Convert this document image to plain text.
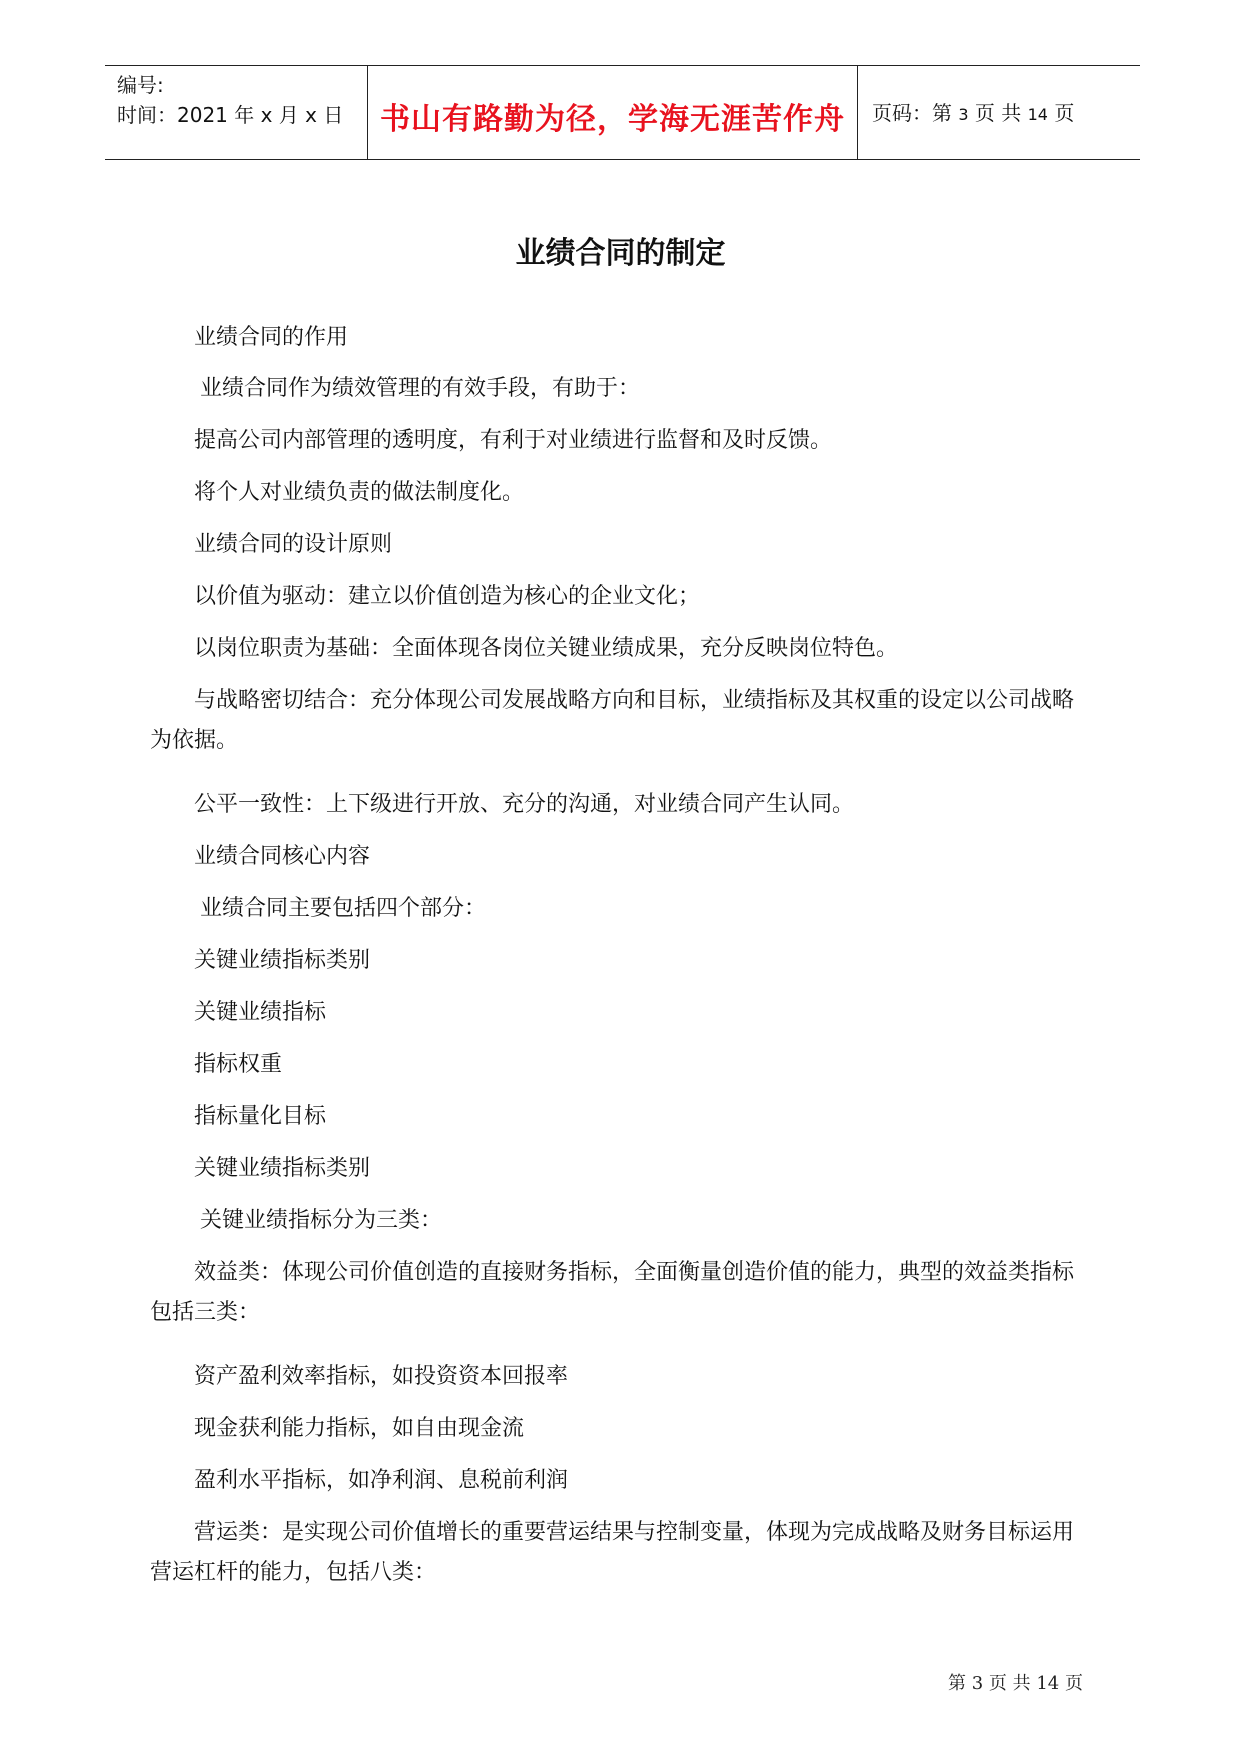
编号:
时间：2021 年 x 月 x 日	书山有路勤为径，学海无涯苦作舟	页码：第 3 页 共 14 页
业绩合同的制定

业绩合同的作用

业绩合同作为绩效管理的有效手段，有助于：

提高公司内部管理的透明度，有利于对业绩进行监督和及时反馈。

将个人对业绩负责的做法制度化。

业绩合同的设计原则

以价值为驱动：建立以价值创造为核心的企业文化；

以岗位职责为基础：全面体现各岗位关键业绩成果，充分反映岗位特色。

与战略密切结合：充分体现公司发展战略方向和目标，业绩指标及其权重的设定以公司战略为依据。

公平一致性：上下级进行开放、充分的沟通，对业绩合同产生认同。

业绩合同核心内容

业绩合同主要包括四个部分：

关键业绩指标类别

关键业绩指标

指标权重

指标量化目标

关键业绩指标类别

关键业绩指标分为三类：

效益类：体现公司价值创造的直接财务指标，全面衡量创造价值的能力，典型的效益类指标包括三类：

资产盈利效率指标，如投资资本回报率

现金获利能力指标，如自由现金流

盈利水平指标，如净利润、息税前利润

营运类：是实现公司价值增长的重要营运结果与控制变量，体现为完成战略及财务目标运用营运杠杆的能力，包括八类：

第 3 页 共 14 页
